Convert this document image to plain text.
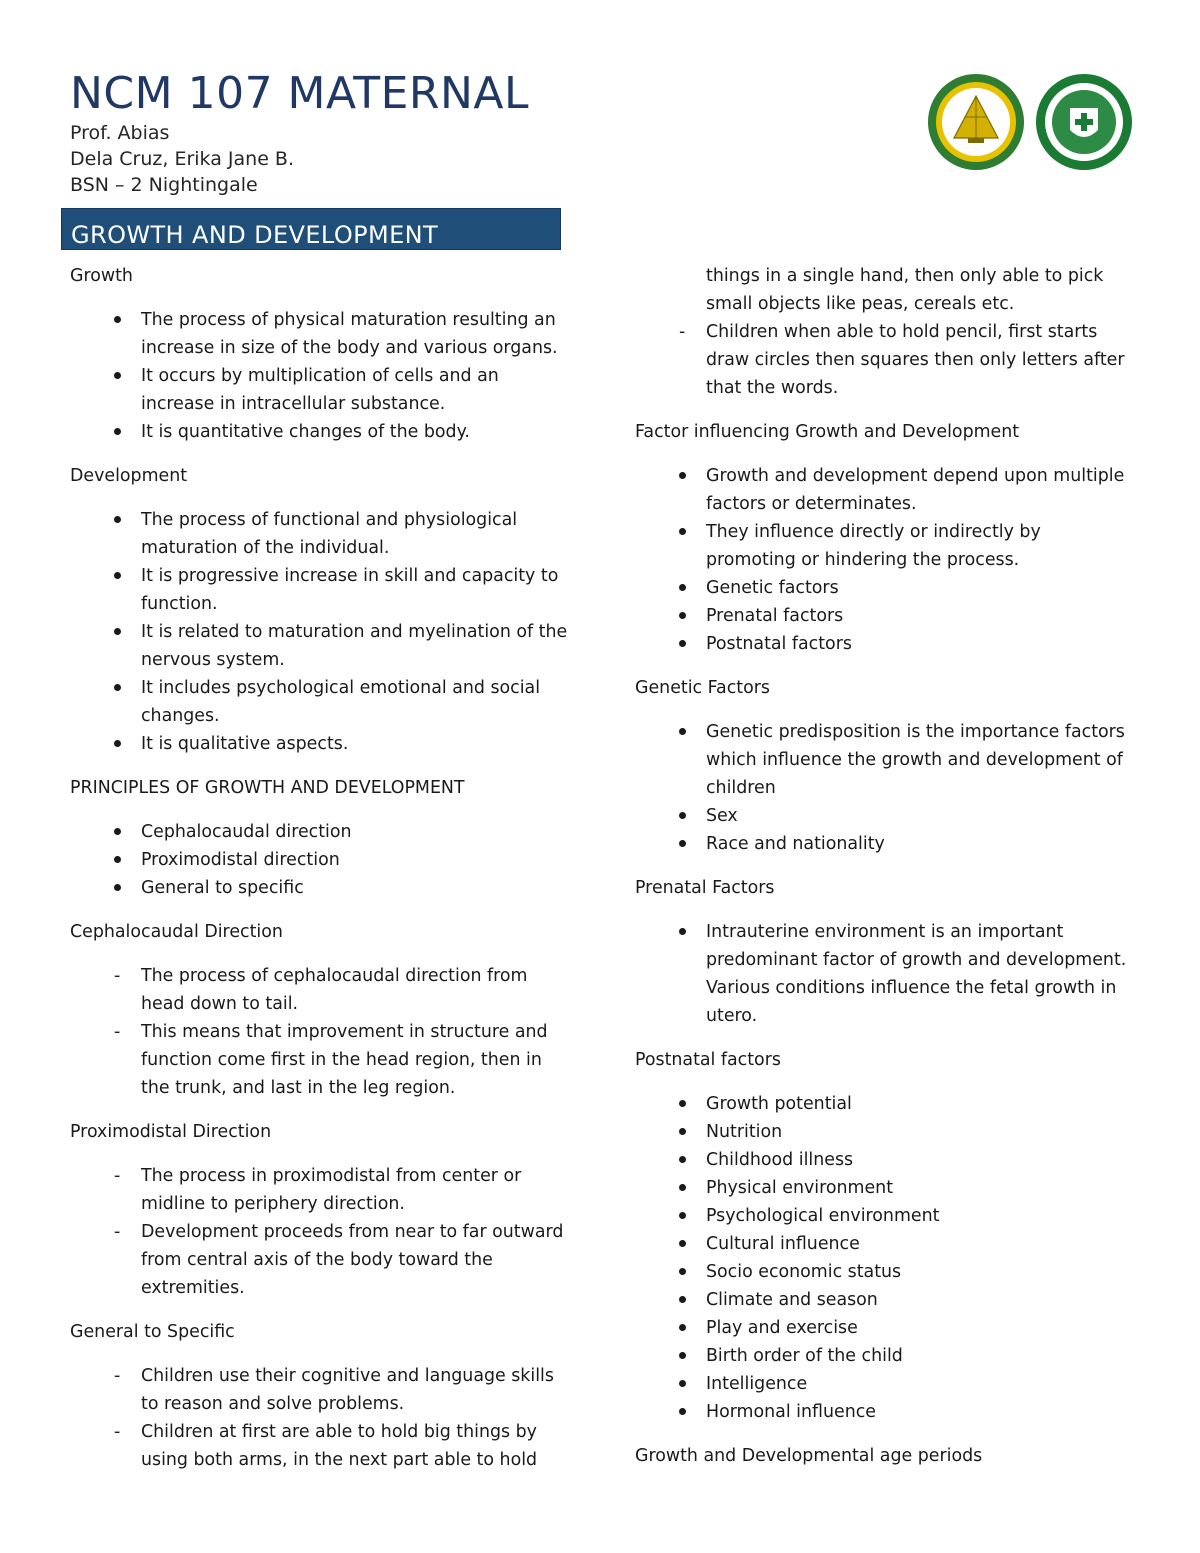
NCM 107 MATERNAL
Prof. Abias
Dela Cruz, Erika Jane B.
BSN – 2 Nightingale
GROWTH AND DEVELOPMENT

Growth

The process of physical maturation resulting an increase in size of the body and various organs.
It occurs by multiplication of cells and an increase in intracellular substance.
It is quantitative changes of the body.

Development

The process of functional and physiological maturation of the individual.
It is progressive increase in skill and capacity to function.
It is related to maturation and myelination of the nervous system.
It includes psychological emotional and social changes.
It is qualitative aspects.

PRINCIPLES OF GROWTH AND DEVELOPMENT

Cephalocaudal direction
Proximodistal direction
General to specific

Cephalocaudal Direction

- The process of cephalocaudal direction from head down to tail.
- This means that improvement in structure and function come first in the head region, then in the trunk, and last in the leg region.

Proximodistal Direction

- The process in proximodistal from center or midline to periphery direction.
- Development proceeds from near to far outward from central axis of the body toward the extremities.

General to Specific

- Children use their cognitive and language skills to reason and solve problems.
- Children at first are able to hold big things by using both arms, in the next part able to hold
things in a single hand, then only able to pick small objects like peas, cereals etc.
- Children when able to hold pencil, first starts draw circles then squares then only letters after that the words.

Factor influencing Growth and Development

Growth and development depend upon multiple factors or determinates.
They influence directly or indirectly by promoting or hindering the process.
Genetic factors
Prenatal factors
Postnatal factors

Genetic Factors

Genetic predisposition is the importance factors which influence the growth and development of children
Sex
Race and nationality

Prenatal Factors

Intrauterine environment is an important predominant factor of growth and development. Various conditions influence the fetal growth in utero.

Postnatal factors

Growth potential
Nutrition
Childhood illness
Physical environment
Psychological environment
Cultural influence
Socio economic status
Climate and season
Play and exercise
Birth order of the child
Intelligence
Hormonal influence

Growth and Developmental age periods
